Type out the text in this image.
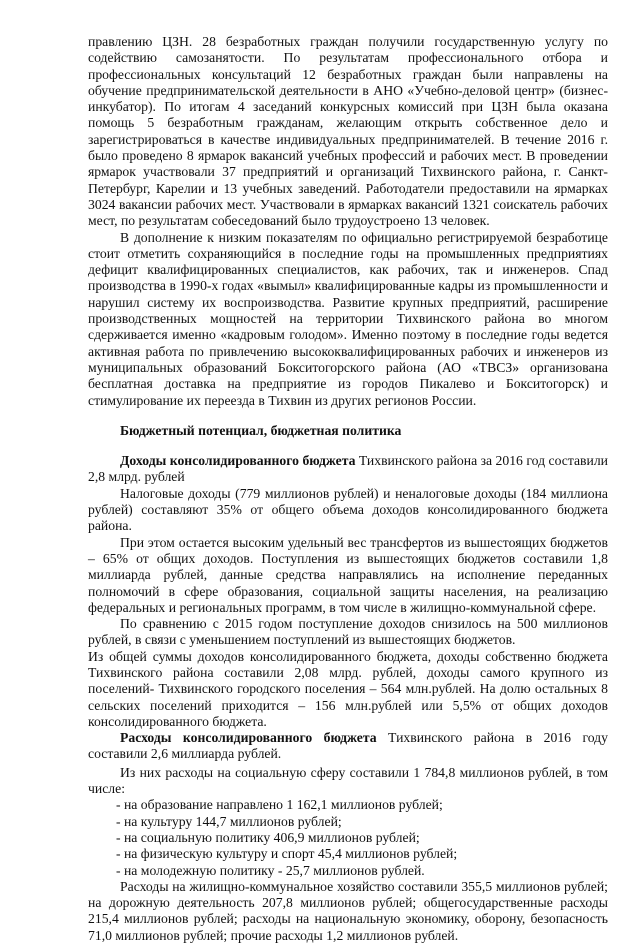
правлению ЦЗН. 28 безработных граждан получили государственную услугу по содействию самозанятости. По результатам профессионального отбора и профессиональных консультаций 12 безработных граждан были направлены на обучение предпринимательской деятельности в АНО «Учебно-деловой центр» (бизнес-инкубатор). По итогам 4 заседаний конкурсных комиссий при ЦЗН была оказана помощь 5 безработным гражданам, желающим открыть собственное дело и зарегистрироваться в качестве индивидуальных предпринимателей. В течение 2016 г. было проведено 8 ярмарок вакансий учебных профессий и рабочих мест. В проведении ярмарок участвовали 37 предприятий и организаций Тихвинского района, г. Санкт-Петербург, Карелии и 13 учебных заведений. Работодатели предоставили на ярмарках 3024 вакансии рабочих мест. Участвовали в ярмарках вакансий 1321 соискатель рабочих мест, по результатам собеседований было трудоустроено 13 человек.

В дополнение к низким показателям по официально регистрируемой безработице стоит отметить сохраняющийся в последние годы на промышленных предприятиях дефицит квалифицированных специалистов, как рабочих, так и инженеров. Спад производства в 1990-х годах «вымыл» квалифицированные кадры из промышленности и нарушил систему их воспроизводства. Развитие крупных предприятий, расширение производственных мощностей на территории Тихвинского района во многом сдерживается именно «кадровым голодом». Именно поэтому в последние годы ведется активная работа по привлечению высококвалифицированных рабочих и инженеров из муниципальных образований Бокситогорского района (АО «ТВСЗ» организована бесплатная доставка на предприятие из городов Пикалево и Бокситогорск) и стимулирование их переезда в Тихвин из других регионов России.

Бюджетный потенциал, бюджетная политика

Доходы консолидированного бюджета Тихвинского района за 2016 год составили 2,8 млрд. рублей

Налоговые доходы (779 миллионов рублей) и неналоговые доходы (184 миллиона рублей) составляют 35% от общего объема доходов консолидированного бюджета района.

При этом остается высоким удельный вес трансфертов из вышестоящих бюджетов – 65% от общих доходов. Поступления из вышестоящих бюджетов составили 1,8 миллиарда рублей, данные средства направлялись на исполнение переданных полномочий в сфере образования, социальной защиты населения, на реализацию федеральных и региональных программ, в том числе в жилищно-коммунальной сфере.

По сравнению с 2015 годом поступление доходов снизилось на 500 миллионов рублей, в связи с уменьшением поступлений из вышестоящих бюджетов.

Из общей суммы доходов консолидированного бюджета, доходы собственно бюджета Тихвинского района составили 2,08 млрд. рублей, доходы самого крупного из поселений- Тихвинского городского поселения – 564 млн.рублей. На долю остальных 8 сельских поселений приходится – 156 млн.рублей или 5,5% от общих доходов консолидированного бюджета.

Расходы консолидированного бюджета Тихвинского района в 2016 году составили 2,6 миллиарда рублей.

Из них расходы на социальную сферу составили 1 784,8 миллионов рублей, в том числе:

- на образование направлено 1 162,1 миллионов рублей;
- на культуру 144,7 миллионов рублей;
- на социальную политику 406,9 миллионов рублей;
- на физическую культуру и спорт 45,4 миллионов рублей;
- на молодежную политику - 25,7 миллионов рублей.

Расходы на жилищно-коммунальное хозяйство составили 355,5 миллионов рублей; на дорожную деятельность 207,8 миллионов рублей; общегосударственные расходы 215,4 миллионов рублей; расходы на национальную экономику, оборону, безопасность 71,0 миллионов рублей; прочие расходы 1,2 миллионов рублей.
